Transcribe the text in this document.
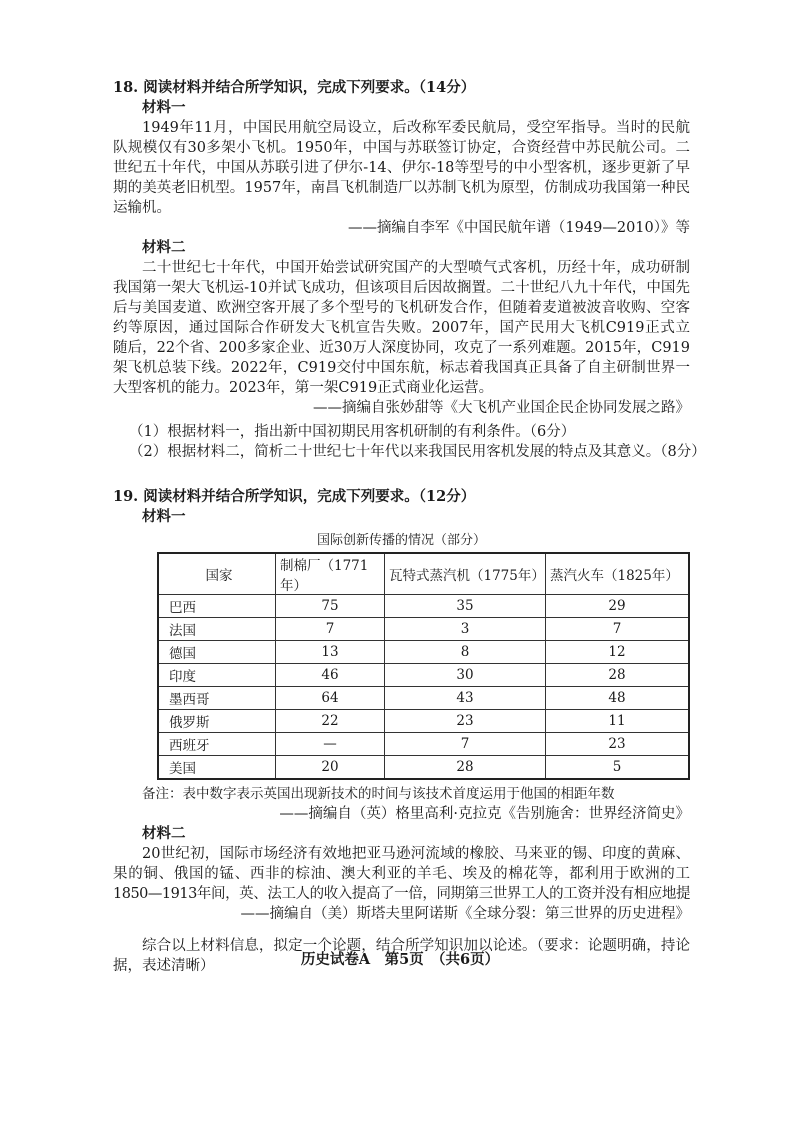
18. 阅读材料并结合所学知识，完成下列要求。（14分）
材料一
1949年11月，中国民用航空局设立，后改称军委民航局，受空军指导。当时的民航
队规模仅有30多架小飞机。1950年，中国与苏联签订协定，合资经营中苏民航公司。二
世纪五十年代，中国从苏联引进了伊尔-14、伊尔-18等型号的中小型客机，逐步更新了早
期的美英老旧机型。1957年，南昌飞机制造厂以苏制飞机为原型，仿制成功我国第一种民
运输机。
——摘编自李军《中国民航年谱（1949—2010）》等
材料二
二十世纪七十年代，中国开始尝试研究国产的大型喷气式客机，历经十年，成功研制
我国第一架大飞机运-10并试飞成功，但该项目后因故搁置。二十世纪八九十年代，中国先
后与美国麦道、欧洲空客开展了多个型号的飞机研发合作，但随着麦道被波音收购、空客
约等原因，通过国际合作研发大飞机宣告失败。2007年，国产民用大飞机C919正式立
随后，22个省、200多家企业、近30万人深度协同，攻克了一系列难题。2015年，C919
架飞机总装下线。2022年，C919交付中国东航，标志着我国真正具备了自主研制世界一
大型客机的能力。2023年，第一架C919正式商业化运营。
——摘编自张妙甜等《大飞机产业国企民企协同发展之路》
（1）根据材料一，指出新中国初期民用客机研制的有利条件。（6分）
（2）根据材料二，简析二十世纪七十年代以来我国民用客机发展的特点及其意义。（8分）
19. 阅读材料并结合所学知识，完成下列要求。（12分）
材料一
国际创新传播的情况（部分）
国家	制棉厂（1771年）	瓦特式蒸汽机（1775年）	蒸汽火车（1825年）
巴西	75	35	29
法国	7	3	7
德国	13	8	12
印度	46	30	28
墨西哥	64	43	48
俄罗斯	22	23	11
西班牙	—	7	23
美国	20	28	5
备注：表中数字表示英国出现新技术的时间与该技术首度运用于他国的相距年数
——摘编自（英）格里高利·克拉克《告别施舍：世界经济简史》
材料二
20世纪初，国际市场经济有效地把亚马逊河流域的橡胶、马来亚的锡、印度的黄麻、
果的铜、俄国的锰、西非的棕油、澳大利亚的羊毛、埃及的棉花等，都利用于欧洲的工
1850—1913年间，英、法工人的收入提高了一倍，同期第三世界工人的工资并没有相应地提
——摘编自（美）斯塔夫里阿诺斯《全球分裂：第三世界的历史进程》
综合以上材料信息，拟定一个论题，结合所学知识加以论述。（要求：论题明确，持论
据，表述清晰）	历史试卷A　第5页　（共6页）
